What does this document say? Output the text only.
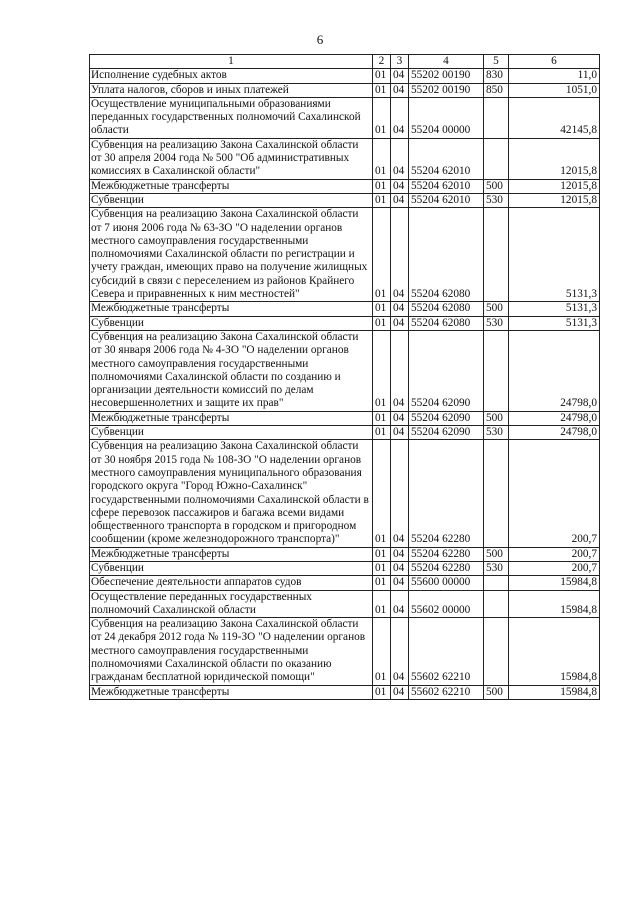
6
1	2	3	4	5	6
Исполнение судебных актов	01	04	55202 00190	830	11,0
Уплата налогов, сборов и иных платежей	01	04	55202 00190	850	1051,0
Осуществление муниципальными образованиями переданных государственных полномочий Сахалинской области	01	04	55204 00000		42145,8
Субвенция на реализацию Закона Сахалинской области от 30 апреля 2004 года № 500 "Об административных комиссиях в Сахалинской области"	01	04	55204 62010		12015,8
Межбюджетные трансферты	01	04	55204 62010	500	12015,8
Субвенции	01	04	55204 62010	530	12015,8
Субвенция на реализацию Закона Сахалинской области от 7 июня 2006 года № 63-ЗО "О наделении органов местного самоуправления государственными полномочиями Сахалинской области по регистрации и учету граждан, имеющих право на получение жилищных субсидий в связи с переселением из районов Крайнего Севера и приравненных к ним местностей"	01	04	55204 62080		5131,3
Межбюджетные трансферты	01	04	55204 62080	500	5131,3
Субвенции	01	04	55204 62080	530	5131,3
Субвенция на реализацию Закона Сахалинской области от 30 января 2006 года № 4-ЗО "О наделении органов местного самоуправления государственными полномочиями Сахалинской области по созданию и организации деятельности комиссий по делам несовершеннолетних и защите их прав"	01	04	55204 62090		24798,0
Межбюджетные трансферты	01	04	55204 62090	500	24798,0
Субвенции	01	04	55204 62090	530	24798,0
Субвенция на реализацию Закона Сахалинской области от 30 ноября 2015 года № 108-ЗО "О наделении органов местного самоуправления муниципального образования городского округа "Город Южно-Сахалинск" государственными полномочиями Сахалинской области в сфере перевозок пассажиров и багажа всеми видами общественного транспорта в городском и пригородном сообщении (кроме железнодорожного транспорта)"	01	04	55204 62280		200,7
Межбюджетные трансферты	01	04	55204 62280	500	200,7
Субвенции	01	04	55204 62280	530	200,7
Обеспечение деятельности аппаратов судов	01	04	55600 00000		15984,8
Осуществление переданных государственных полномочий Сахалинской области	01	04	55602 00000		15984,8
Субвенция на реализацию Закона Сахалинской области от 24 декабря 2012 года № 119-ЗО "О наделении органов местного самоуправления государственными полномочиями Сахалинской области по оказанию гражданам бесплатной юридической помощи"	01	04	55602 62210		15984,8
Межбюджетные трансферты	01	04	55602 62210	500	15984,8
